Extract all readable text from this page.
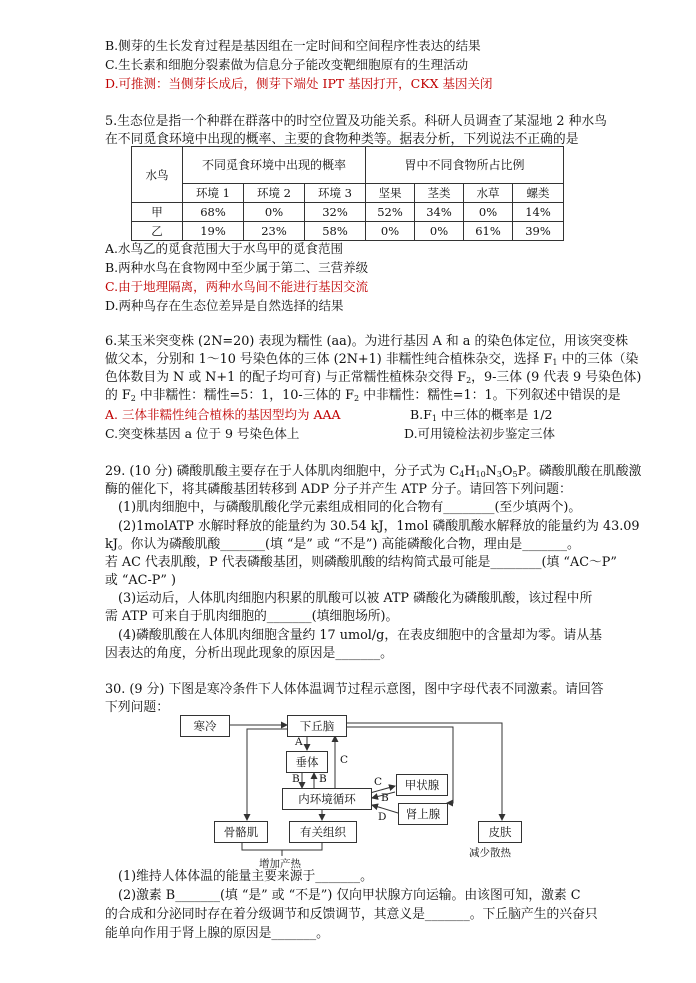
B.侧芽的生长发育过程是基因组在一定时间和空间程序性表达的结果
C.生长素和细胞分裂素做为信息分子能改变靶细胞原有的生理活动
D.可推测：当侧芽长成后，侧芽下端处 IPT 基因打开，CKX 基因关闭
5.生态位是指一个种群在群落中的时空位置及功能关系。科研人员调查了某湿地 2 种水鸟
在不同觅食环境中出现的概率、主要的食物种类等。据表分析，下列说法不正确的是
水鸟	不同觅食环境中出现的概率			胃中不同食物所占比例			
	环境 1	环境 2	环境 3	坚果	茎类	水草	螺类
甲	68%	0%	32%	52%	34%	0%	14%
乙	19%	23%	58%	0%	0%	61%	39%
A.水鸟乙的觅食范围大于水鸟甲的觅食范围
B.两种水鸟在食物网中至少属于第二、三营养级
C.由于地理隔离，两种水鸟间不能进行基因交流
D.两种鸟存在生态位差异是自然选择的结果
6.某玉米突变株 (2N=20) 表现为糯性 (aa)。为进行基因 A 和 a 的染色体定位，用该突变株
做父本，分别和 1～10 号染色体的三体 (2N+1) 非糯性纯合植株杂交，选择 $F_1$ 中的三体（染
色体数目为 N 或 N+1 的配子均可育) 与正常糯性植株杂交得 $F_2$，9-三体 (9 代表 9 号染色体)
的 $F_2$ 中非糯性：糯性=5：1，10-三体的 $F_2$ 中非糯性：糯性=1：1。下列叙述中错误的是
A. 三体非糯性纯合植株的基因型均为 AAA	$B.F_1$ 中三体的概率是 1/2
C.突变株基因 a 位于 9 号染色体上	D.可用镜检法初步鉴定三体
29. (10 分) 磷酸肌酸主要存在于人体肌肉细胞中，分子式为 $C_4H_{10}N_3O_5P$。磷酸肌酸在肌酸激
酶的催化下，将其磷酸基团转移到 ADP 分子并产生 ATP 分子。请回答下列问题：
(1)肌肉细胞中，与磷酸肌酸化学元素组成相同的化合物有________(至少填两个)。
(2)1molATP 水解时释放的能量约为 30.54 kJ，1mol 磷酸肌酸水解释放的能量约为 43.09
kJ。你认为磷酸肌酸_______(填 “是” 或 “不是”) 高能磷酸化合物，理由是_______。
若 AC 代表肌酸，P 代表磷酸基团，则磷酸肌酸的结构简式最可能是________(填 “AC～P”
或 “AC-P” )
(3)运动后，人体肌肉细胞内积累的肌酸可以被 ATP 磷酸化为磷酸肌酸，该过程中所
需 ATP 可来自于肌肉细胞的_______(填细胞场所)。
(4)磷酸肌酸在人体肌肉细胞含量约 17 umol/g，在表皮细胞中的含量却为零。请从基
因表达的角度，分析出现此现象的原因是_______。
30. (9 分) 下图是寒冷条件下人体体温调节过程示意图，图中字母代表不同激素。请回答
下列问题：
寒冷	下丘脑
垂体
内环境循环
甲状腺
肾上腺
骨骼肌	有关组织	皮肤
A
B B
C
C
B
D
增加产热
减少散热
(1)维持人体体温的能量主要来源于_______。
(2)激素 B_______(填 “是” 或 “不是”) 仅向甲状腺方向运输。由该图可知，激素 C
的合成和分泌同时存在着分级调节和反馈调节，其意义是_______。下丘脑产生的兴奋只
能单向作用于肾上腺的原因是_______。
